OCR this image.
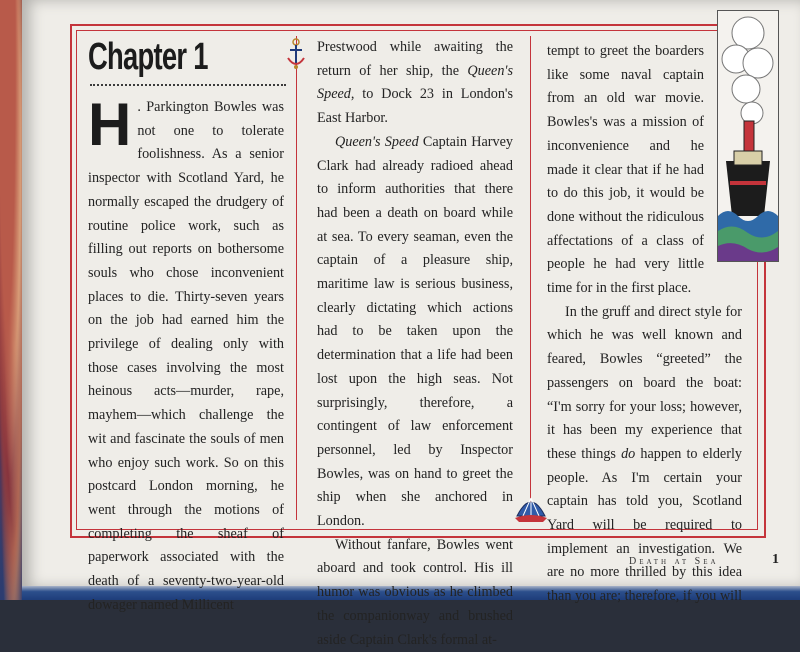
Chapter 1
H . Parkington Bowles was not one to tolerate foolishness. As a senior inspector with Scotland Yard, he normally escaped the drudgery of routine police work, such as filling out reports on bothersome souls who chose inconvenient places to die. Thirty-seven years on the job had earned him the privilege of dealing only with those cases involving the most heinous acts—murder, rape, mayhem—which challenge the wit and fascinate the souls of men who enjoy such work. So on this postcard London morning, he went through the motions of completing the sheaf of paperwork associated with the death of a seventy-two-year-old dowager named Millicent

Prestwood while awaiting the return of her ship, the Queen's Speed, to Dock 23 in London's East Harbor.

Queen's Speed Captain Harvey Clark had already radioed ahead to inform authorities that there had been a death on board while at sea. To every seaman, even the captain of a pleasure ship, maritime law is serious business, clearly dictating which actions had to be taken upon the determination that a life had been lost upon the high seas. Not surprisingly, therefore, a contingent of law enforcement personnel, led by Inspector Bowles, was on hand to greet the ship when she anchored in London.

Without fanfare, Bowles went aboard and took control. His ill humor was obvious as he climbed the companionway and brushed aside Captain Clark's formal at-

tempt to greet the boarders like some naval captain from an old war movie. Bowles's was a mission of inconvenience and he made it clear that if he had to do this job, it would be done without the ridiculous affectations of a class of people he had very little time for in the first place.

In the gruff and direct style for which he was well known and feared, Bowles “greeted” the passengers on board the boat: “I'm sorry for your loss; however, it has been my experience that these things do happen to elderly people. As I'm certain your captain has told you, Scotland Yard will be required to implement an investigation. We are no more thrilled by this idea than you are; therefore, if you will

Death at Sea	1
